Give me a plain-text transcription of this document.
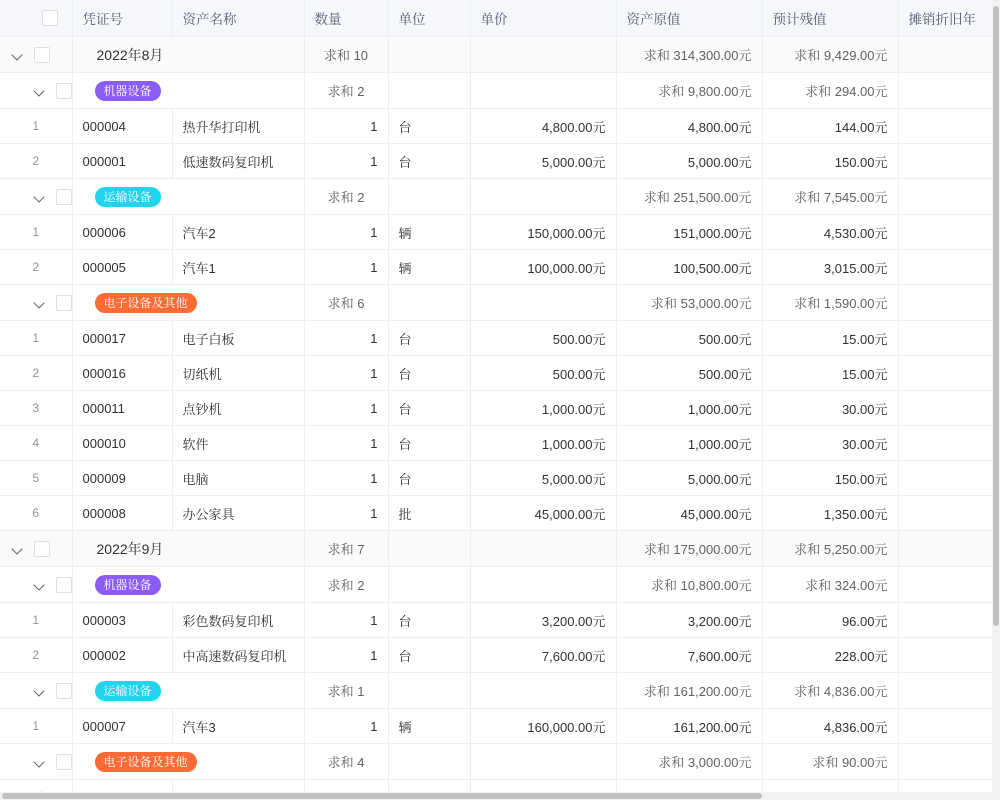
	凭证号	资产名称	数量	单位	单价	资产原值	预计残值	摊销折旧年

	2022年8月		求和 10			求和 314,300.00元	求和 9,429.00元	

	机器设备		求和 2			求和 9,800.00元	求和 294.00元	
1	000004	热升华打印机	1	台	4,800.00元	4,800.00元	144.00元	
2	000001	低速数码复印机	1	台	5,000.00元	5,000.00元	150.00元	

	运输设备		求和 2			求和 251,500.00元	求和 7,545.00元	
1	000006	汽车2	1	辆	150,000.00元	151,000.00元	4,530.00元	
2	000005	汽车1	1	辆	100,000.00元	100,500.00元	3,015.00元	

	电子设备及其他		求和 6			求和 53,000.00元	求和 1,590.00元	
1	000017	电子白板	1	台	500.00元	500.00元	15.00元	
2	000016	切纸机	1	台	500.00元	500.00元	15.00元	
3	000011	点钞机	1	台	1,000.00元	1,000.00元	30.00元	
4	000010	软件	1	台	1,000.00元	1,000.00元	30.00元	
5	000009	电脑	1	台	5,000.00元	5,000.00元	150.00元	
6	000008	办公家具	1	批	45,000.00元	45,000.00元	1,350.00元	

	2022年9月		求和 7			求和 175,000.00元	求和 5,250.00元	

	机器设备		求和 2			求和 10,800.00元	求和 324.00元	
1	000003	彩色数码复印机	1	台	3,200.00元	3,200.00元	96.00元	
2	000002	中高速数码复印机	1	台	7,600.00元	7,600.00元	228.00元	

	运输设备		求和 1			求和 161,200.00元	求和 4,836.00元	
1	000007	汽车3	1	辆	160,000.00元	161,200.00元	4,836.00元	

	电子设备及其他		求和 4			求和 3,000.00元	求和 90.00元	
